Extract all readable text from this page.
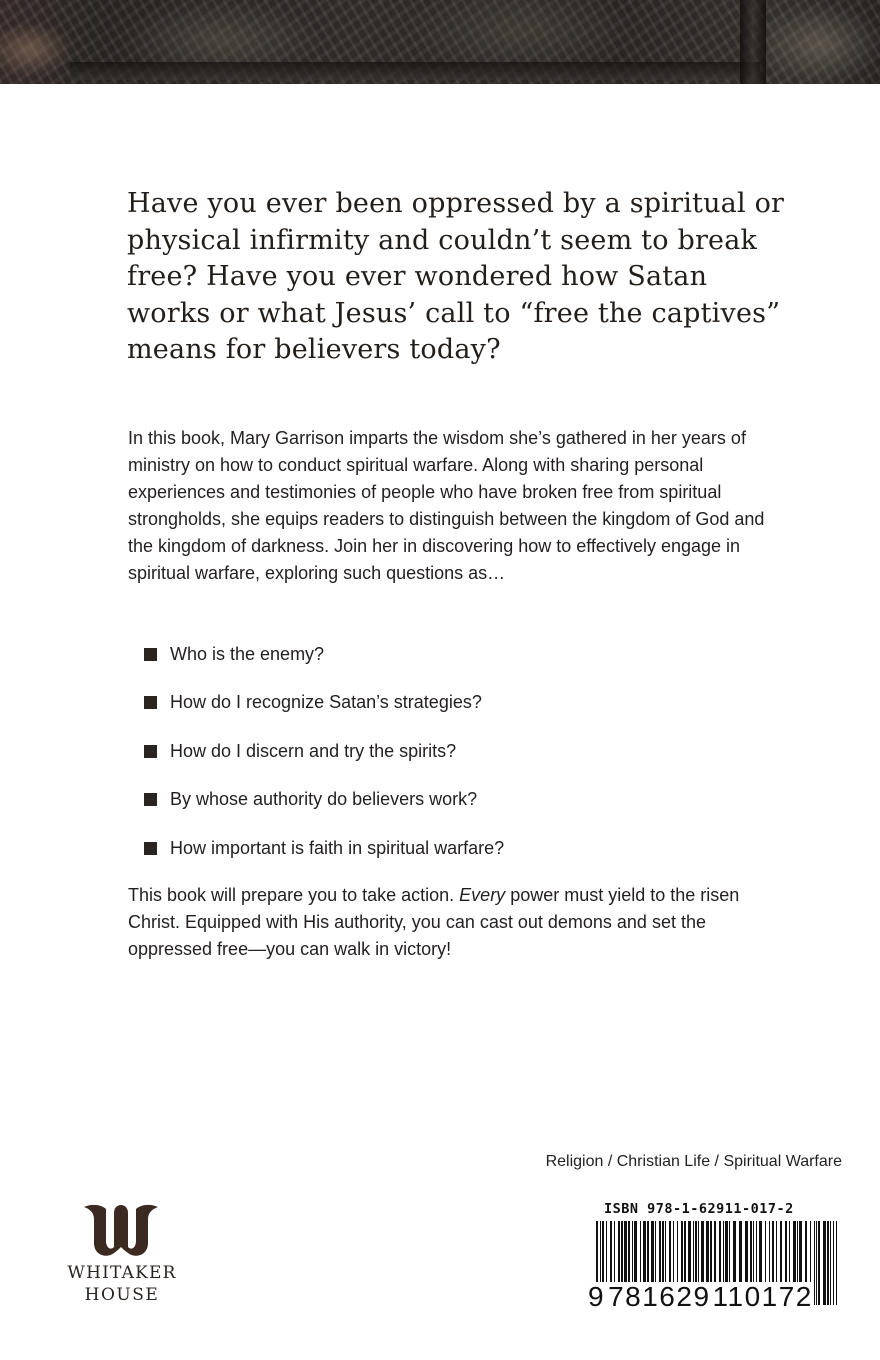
Have you ever been oppressed by a spiritual or physical infirmity and couldn’t seem to break free? Have you ever wondered how Satan works or what Jesus’ call to “free the captives” means for believers today?

In this book, Mary Garrison imparts the wisdom she’s gathered in her years of ministry on how to conduct spiritual warfare. Along with sharing personal experiences and testimonies of people who have broken free from spiritual strongholds, she equips readers to distinguish between the kingdom of God and the kingdom of darkness. Join her in discovering how to effectively engage in spiritual warfare, exploring such questions as…

Who is the enemy?
How do I recognize Satan’s strategies?
How do I discern and try the spirits?
By whose authority do believers work?
How important is faith in spiritual warfare?

This book will prepare you to take action. Every power must yield to the risen Christ. Equipped with His authority, you can cast out demons and set the oppressed free—you can walk in victory!

Religion / Christian Life / Spiritual Warfare
ISBN 978-1-62911-017-2
9 781629110172
WHITAKER
HOUSE
